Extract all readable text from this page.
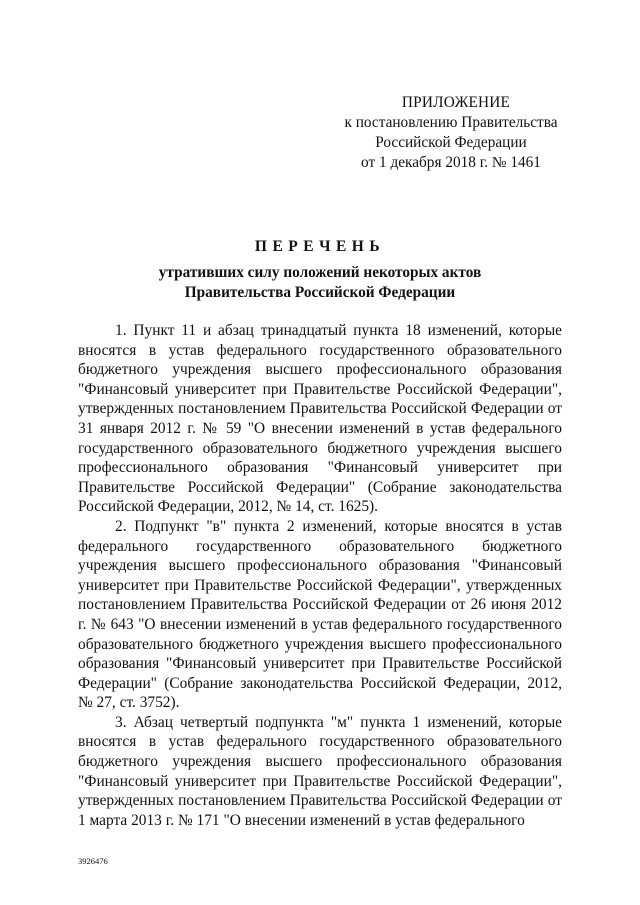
ПРИЛОЖЕНИЕ
к постановлению Правительства
Российской Федерации
от 1 декабря 2018 г. № 1461
ПЕРЕЧЕНЬ
утративших силу положений некоторых актов
Правительства Российской Федерации

1. Пункт 11 и абзац тринадцатый пункта 18 изменений, которые вносятся в устав федерального государственного образовательного бюджетного учреждения высшего профессионального образования "Финансовый университет при Правительстве Российской Федерации", утвержденных постановлением Правительства Российской Федерации от 31 января 2012 г. № 59 "О внесении изменений в устав федерального государственного образовательного бюджетного учреждения высшего профессионального образования "Финансовый университет при Правительстве Российской Федерации" (Собрание законодательства Российской Федерации, 2012, № 14, ст. 1625).

2. Подпункт "в" пункта 2 изменений, которые вносятся в устав федерального государственного образовательного бюджетного учреждения высшего профессионального образования "Финансовый университет при Правительстве Российской Федерации", утвержденных постановлением Правительства Российской Федерации от 26 июня 2012 г. № 643 "О внесении изменений в устав федерального государственного образовательного бюджетного учреждения высшего профессионального образования "Финансовый университет при Правительстве Российской Федерации" (Собрание законодательства Российской Федерации, 2012, № 27, ст. 3752).

3. Абзац четвертый подпункта "м" пункта 1 изменений, которые вносятся в устав федерального государственного образовательного бюджетного учреждения высшего профессионального образования "Финансовый университет при Правительстве Российской Федерации", утвержденных постановлением Правительства Российской Федерации от 1 марта 2013 г. № 171 "О внесении изменений в устав федерального

3926476
